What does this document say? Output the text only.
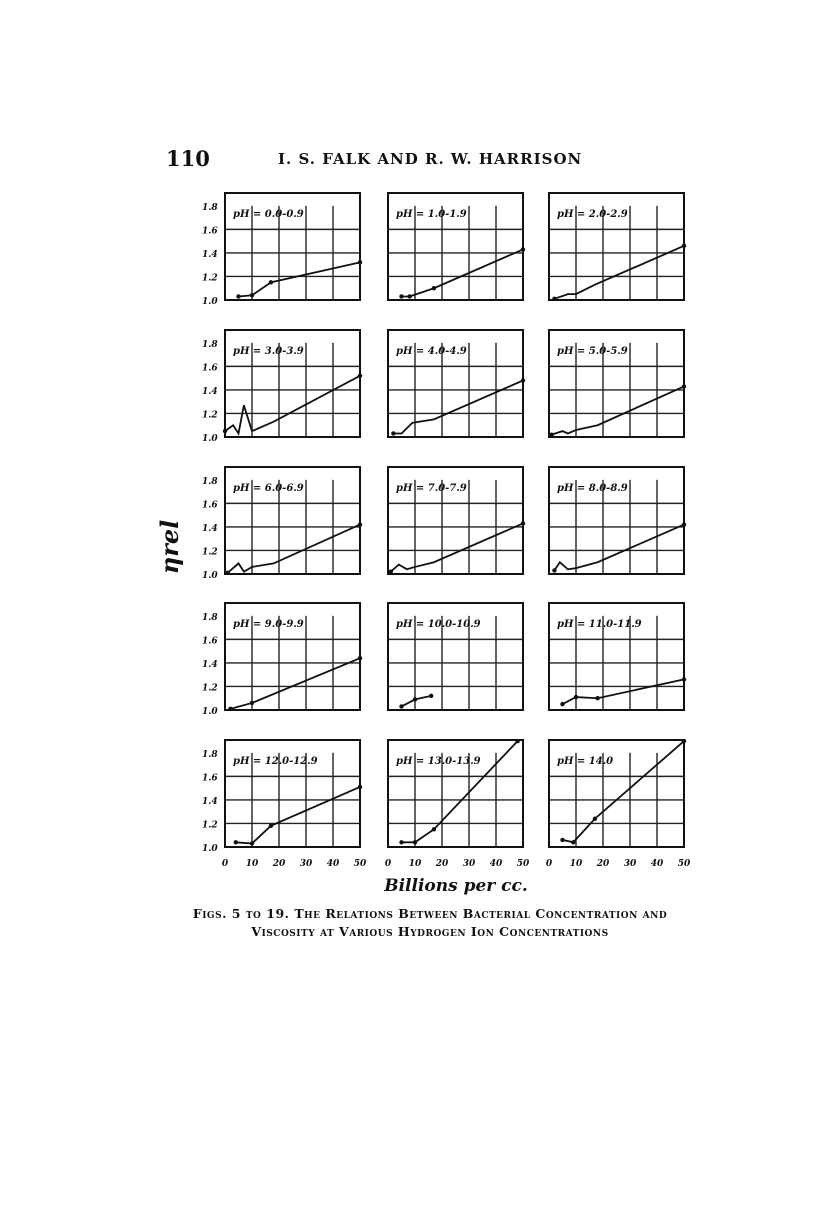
110	I. S. FALK AND R. W. HARRISON
pH = 0.0-0.9	pH = 1.0-1.9	pH = 2.0-2.9
pH = 3.0-3.9	pH = 4.0-4.9	pH = 5.0-5.9
pH = 6.0-6.9	pH = 7.0-7.9	pH = 8.0-8.9
pH = 9.0-9.9	pH = 10.0-10.9	pH = 11.0-11.9
pH = 12.0-12.9	pH = 13.0-13.9	pH = 14.0
1.0
1.2
1.4
1.6
1.8
1.0
1.2
1.4
1.6
1.8
1.0
1.2
1.4
1.6
1.8
1.0
1.2
1.4
1.6
1.8
1.0
1.2
1.4
1.6
1.8
0 10 20 30 40 50 0 10 20 30 40 50 0 10 20 30 40 50
ηrel
Billions per cc.
Figs. 5 to 19. The Relations Between Bacterial Concentration and
Viscosity at Various Hydrogen Ion Concentrations
